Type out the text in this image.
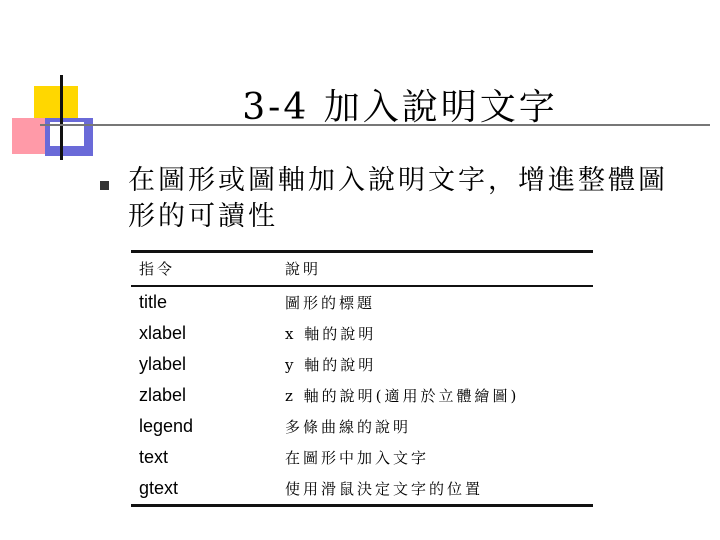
3-4 加入說明文字

在圖形或圖軸加入說明文字，增進整體圖形的可讀性

指令	說明
title	圖形的標題
xlabel	x 軸的說明
ylabel	y 軸的說明
zlabel	z 軸的說明(適用於立體繪圖)
legend	多條曲線的說明
text	在圖形中加入文字
gtext	使用滑鼠決定文字的位置
